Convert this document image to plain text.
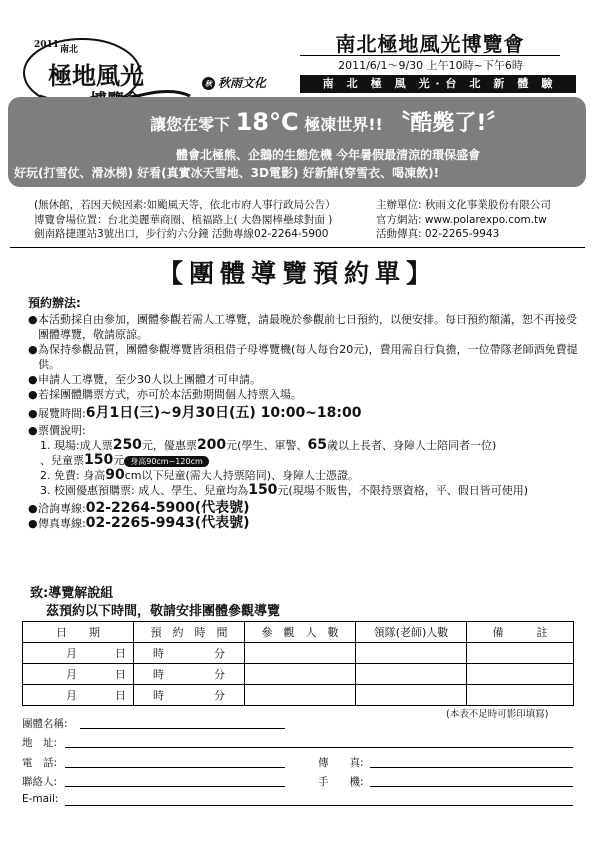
2011 南北
極地風光
南北極地風光博覽會
2011/6/1～9/30 上午10時~下午6時
秋 秋雨文化	南　北　極　風　光 · 台　北　新　體　驗
讓您在零下 18°C 極凍世界!! 〝酷斃了!〞
體會北極熊、企鵝的生態危機 今年暑假最清涼的環保盛會
好玩(打雪仗、滑冰梯) 好看(真實冰天雪地、3D電影) 好新鮮(穿雪衣、喝凍飲)!
(無休館，若因天候因素:如颱風天等，依北市府人事行政局公告）
博覽會場位置：台北美麗華商圈、植福路上( 大魯閣棒壘球對面 )
劍南路捷運站3號出口，步行約六分鐘 活動專線02-2264-5900
主辦單位: 秋雨文化事業股份有限公司
官方網站: www.polarexpo.com.tw
活動傳真: 02-2265-9943
【團體導覽預約單】
預約辦法:
● 本活動採自由參加，團體參觀若需人工導覽，請最晚於參觀前七日預約，以便安排。每日預約額滿，恕不再接受團體導覽，敬請原諒。
● 為保持參觀品質，團體參觀導覽皆須租借子母導覽機(每人每台20元)，費用需自行負擔，一位帶隊老師酒免費提供。
● 申請人工導覽，至少30人以上團體才可申請。
● 若採團體購票方式，亦可於本活動期間個人持票入場。
● 展覽時間:6月1日(三)~9月30日(五) 10:00~18:00
● 票價說明:
1. 現場:成人票250元，優惠票200元(學生、軍警、65歲以上長者、身障人士陪同者一位)
、兒童票150元 身高90cm~120cm
2. 免費: 身高90cm以下兒童(需大人持票陪同)、身障人士憑證。
3. 校園優惠預購票: 成人、學生、兒童均為150元(現場不販售，不限持票資格，平、假日皆可使用)
● 洽詢專線:02-2264-5900(代表號)
● 傳真專線:02-2265-9943(代表號)
致:導覽解說組
茲預約以下時間，敬請安排團體參觀導覽
日　　期	預　約　時　間	參　觀　人　數	領隊(老師)人數	備　　　註
月 日	時 分			
月 日	時 分			
月 日	時 分			
(本表不足時可影印填寫)
團體名稱:
地　址:
電　話:	傳　　真:
聯絡人:	手　　機:
E-mail:
